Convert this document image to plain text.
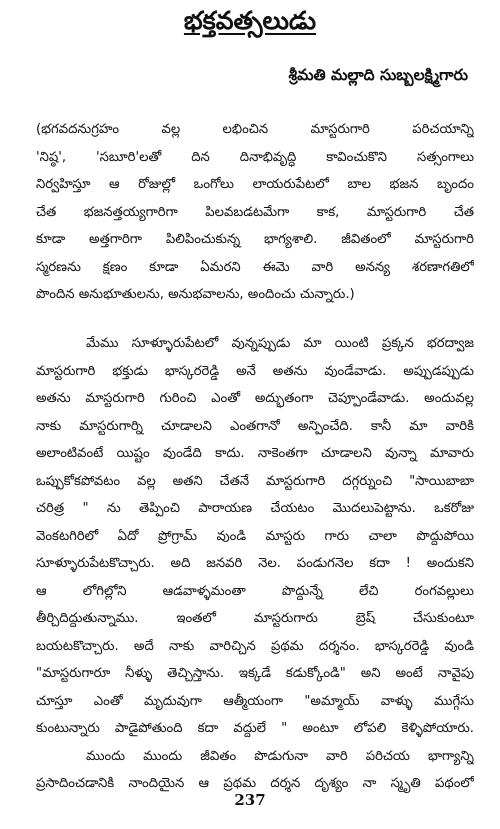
భక్తవత్సలుడు
శ్రీమతి మల్లాది సుబ్బలక్ష్మిగారు
(భగవదనుగ్రహం వల్ల లభించిన మాస్టరుగారి పరిచయాన్ని
'నిష్ఠ', 'సబూరి'లతో దిన దినాభివృద్ధి కావించుకొని సత్సంగాలు
నిర్వహిస్తూ ఆ రోజుల్లో ఒంగోలు లాయరుపేటలో బాల భజన బృందం
చేత భజనత్తయ్యగారిగా పిలవబడటమేగా కాక, మాస్టరుగారి చేత
కూడా అత్తగారిగా పిలిపించుకున్న భాగ్యశాలి. జీవితంలో మాస్టరుగారి
స్మరణను క్షణం కూడా ఏమరని ఈమె వారి అనన్య శరణాగతిలో
పొందిన అనుభూతులను, అనుభవాలను, అందించు చున్నారు.)
మేము సూళ్ళూరుపేటలో వున్నప్పుడు మా యింటి ప్రక్కన భరద్వాజ
మాస్టరుగారి భక్తుడు భాస్కరరెడ్డి అనే అతను వుండేవాడు. అప్పుడప్పుడు
అతను మాస్టరుగారి గురించి ఎంతో అద్భుతంగా చెప్పూండేవాడు. అందువల్ల
నాకు మాస్టరుగార్ని చూడాలని ఎంతగానో అన్పించేది. కానీ మా వారికి
అలాంటివంటే యిష్టం వుండేది కాదు. నాకెంతగా చూడాలని వున్నా మావారు
ఒప్పుకోకపోవటం వల్ల అతని చేతనే మాస్టరుగారి దగ్గర్నుంచి "సాయిబాబా
చరిత్ర " ను తెప్పించి పారాయణ చేయటం మొదలుపెట్టాను. ఒకరోజు
వెంకటగిరిలో ఏదో ప్రోగ్రామ్ వుండి మాస్టరు గారు చాలా పొద్దుపోయి
సూళ్ళూరుపేటకొచ్చారు. అది జనవరి నెల. పండుగనెల కదా ! అందుకని
ఆ లోగిల్లోని ఆడవాళ్ళమంతా పొద్దున్నే లేచి రంగవల్లులు
తీర్చిదిద్దుతున్నాము. ఇంతలో మాస్టరుగారు బ్రెష్ చేసుకుంటూ
బయటకొచ్చారు. అదే నాకు వారిచ్చిన ప్రథమ దర్శనం. భాస్కరరెడ్డి వుండి
"మాస్టరుగారూ నీళ్ళు తెచ్చిస్తాను. ఇక్కడే కడుక్కోండి" అని అంటే నావైపు
చూస్తూ ఎంతో మృదువుగా ఆత్మీయంగా "అమ్మాయ్ వాళ్ళు ముగ్గేసు
కుంటున్నారు పాడైపోతుంది కదా వద్దులే " అంటూ లోపలి కెళ్ళిపోయారు.
ముందు ముందు జీవితం పొడుగునా వారి పరిచయ భాగ్యాన్ని
ప్రసాదించడానికి నాందియైన ఆ ప్రథమ దర్శన దృశ్యం నా స్మృతి పథంలో
237
